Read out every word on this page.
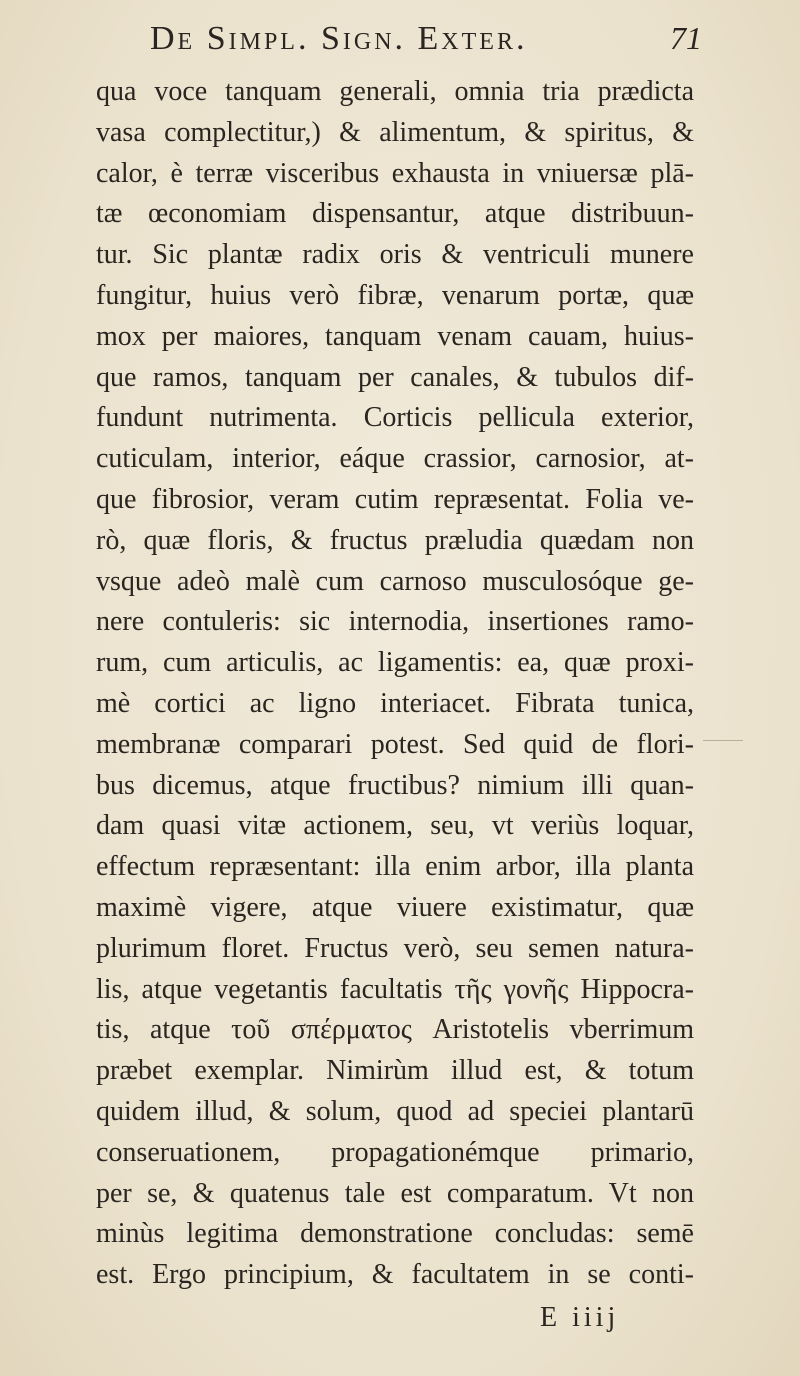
De Simpl. Sign. Exter.	71
qua voce tanquam generali, omnia tria prædicta
vasa complectitur,) & alimentum, & spiritus, &
calor, è terræ visceribus exhausta in vniuersæ plā-
tæ œconomiam dispensantur, atque distribuun-
tur. Sic plantæ radix oris & ventriculi munere
fungitur, huius verò fibræ, venarum portæ, quæ
mox per maiores, tanquam venam cauam, huius-
que ramos, tanquam per canales, & tubulos dif-
fundunt nutrimenta. Corticis pellicula exterior,
cuticulam, interior, eáque crassior, carnosior, at-
que fibrosior, veram cutim repræsentat. Folia ve-
rò, quæ floris, & fructus præludia quædam non
vsque adeò malè cum carnoso musculosóque ge-
nere contuleris: sic internodia, insertiones ramo-
rum, cum articulis, ac ligamentis: ea, quæ proxi-
mè cortici ac ligno interiacet. Fibrata tunica,
membranæ comparari potest. Sed quid de flori-
bus dicemus, atque fructibus? nimium illi quan-
dam quasi vitæ actionem, seu, vt veriùs loquar,
effectum repræsentant: illa enim arbor, illa planta
maximè vigere, atque viuere existimatur, quæ
plurimum floret. Fructus verò, seu semen natura-
lis, atque vegetantis facultatis τῆς γονῆς Hippocra-
tis, atque τοῦ σπέρματος Aristotelis vberrimum
præbet exemplar. Nimirùm illud est, & totum
quidem illud, & solum, quod ad speciei plantarū
conseruationem, propagationémque primario,
per se, & quatenus tale est comparatum. Vt non
minùs legitima demonstratione concludas: semē
est. Ergo principium, & facultatem in se conti-
E iiij
